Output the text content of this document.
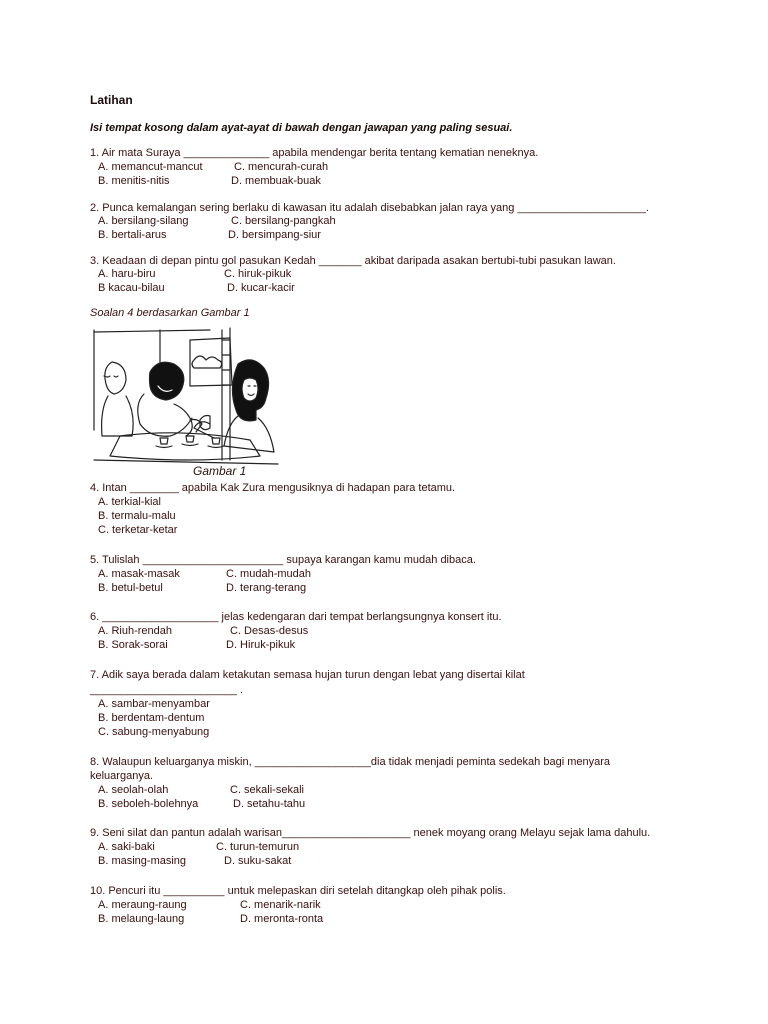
Latihan
Isi tempat kosong dalam ayat-ayat di bawah dengan jawapan yang paling sesuai.
1. Air mata Suraya ______________ apabila mendengar berita tentang kematian neneknya.
A. memancut-mancut	C. mencurah-curah
B. menitis-nitis	D. membuak-buak
2. Punca kemalangan sering berlaku di kawasan itu adalah disebabkan jalan raya yang _____________________.
A. bersilang-silang	C. bersilang-pangkah
B. bertali-arus	D. bersimpang-siur
3. Keadaan di depan pintu gol pasukan Kedah _______ akibat daripada asakan bertubi-tubi pasukan lawan.
A. haru-biru	C. hiruk-pikuk
B kacau-bilau	D. kucar-kacir
Soalan 4 berdasarkan Gambar 1
Gambar 1
4. Intan ________ apabila Kak Zura mengusiknya di hadapan para tetamu.
A. terkial-kial
B. termalu-malu
C. terketar-ketar
5. Tulislah _______________________ supaya karangan kamu mudah dibaca.
A. masak-masak	C. mudah-mudah
B. betul-betul	D. terang-terang
6. ___________________ jelas kedengaran dari tempat berlangsungnya konsert itu.
A. Riuh-rendah	C. Desas-desus
B. Sorak-sorai	D. Hiruk-pikuk
7. Adik saya berada dalam ketakutan semasa hujan turun dengan lebat yang disertai kilat
________________________ .
A. sambar-menyambar
B. berdentam-dentum
C. sabung-menyabung
8. Walaupun keluarganya miskin, ___________________dia tidak menjadi peminta sedekah bagi menyara
keluarganya.
A. seolah-olah	C. sekali-sekali
B. seboleh-bolehnya	D. setahu-tahu
9. Seni silat dan pantun adalah warisan_____________________ nenek moyang orang Melayu sejak lama dahulu.
A. saki-baki	C. turun-temurun
B. masing-masing	D. suku-sakat
10. Pencuri itu __________ untuk melepaskan diri setelah ditangkap oleh pihak polis.
A. meraung-raung	C. menarik-narik
B. melaung-laung	D. meronta-ronta
